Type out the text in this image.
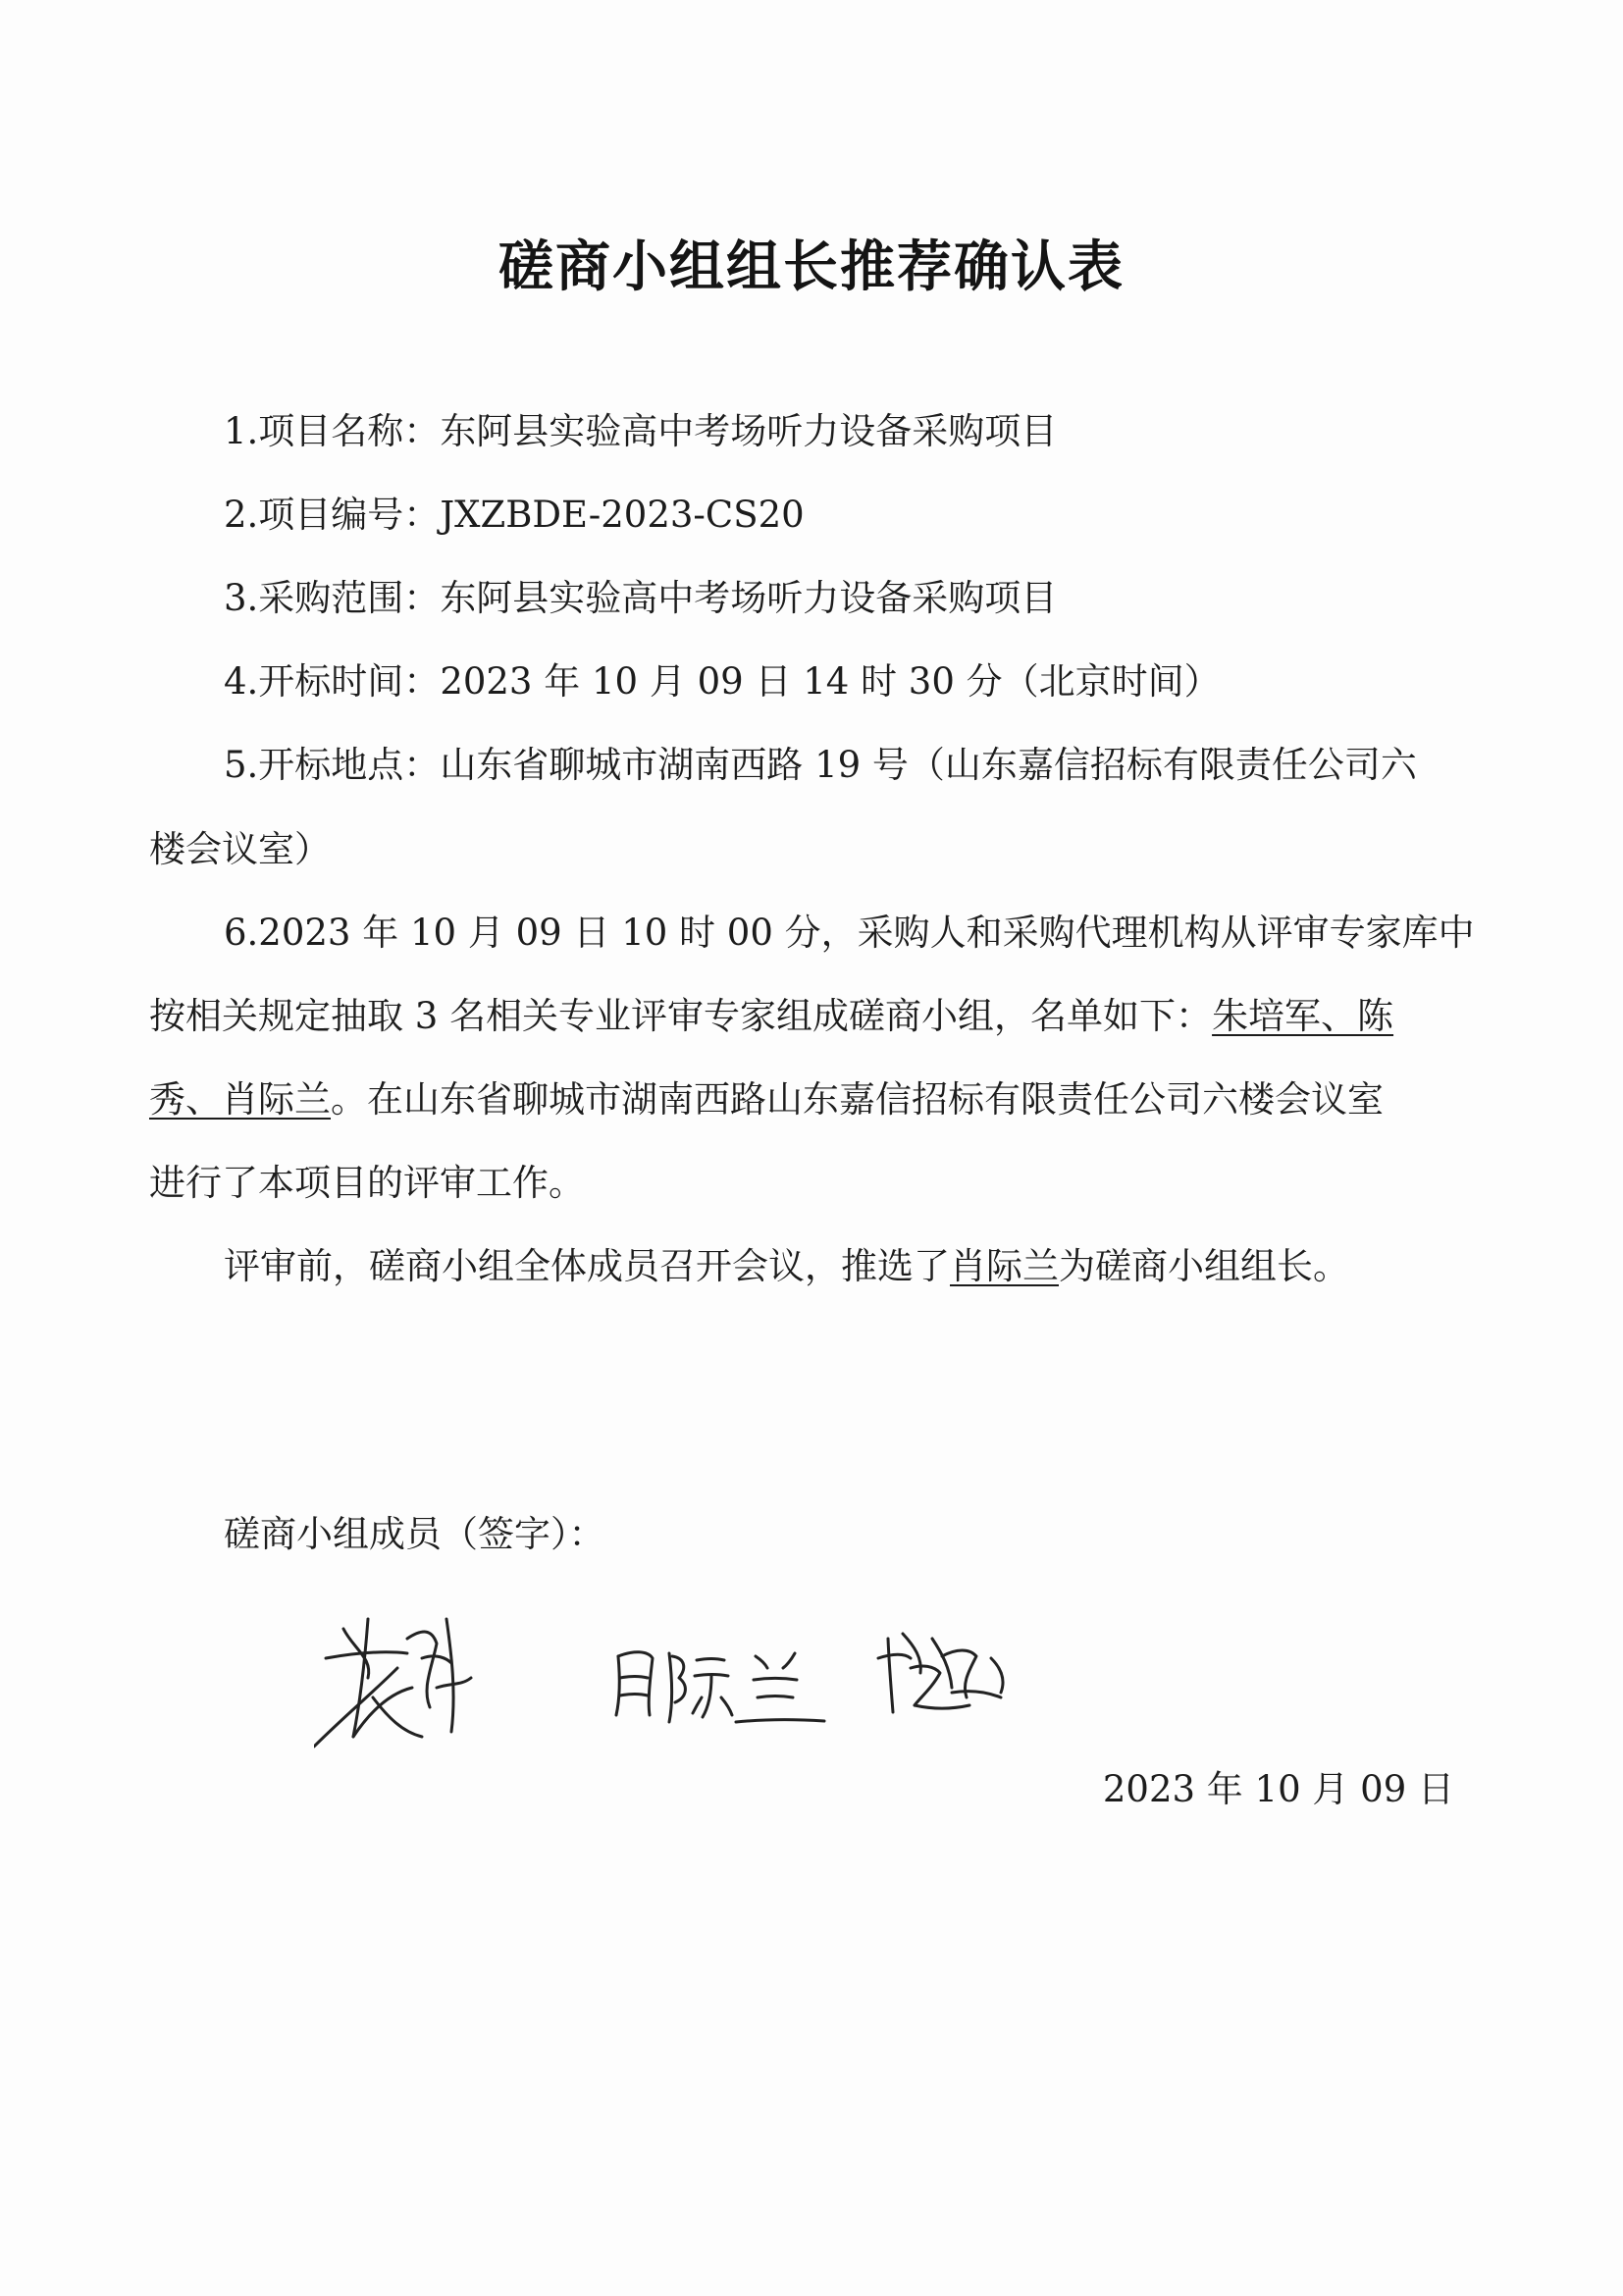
磋商小组组长推荐确认表
1.项目名称：东阿县实验高中考场听力设备采购项目
2.项目编号：JXZBDE-2023-CS20
3.采购范围：东阿县实验高中考场听力设备采购项目
4.开标时间：2023 年 10 月 09 日 14 时 30 分（北京时间）
5.开标地点：山东省聊城市湖南西路 19 号（山东嘉信招标有限责任公司六
楼会议室）
6.2023 年 10 月 09 日 10 时 00 分，采购人和采购代理机构从评审专家库中
按相关规定抽取 3 名相关专业评审专家组成磋商小组，名单如下：朱培军、陈
秀、肖际兰。在山东省聊城市湖南西路山东嘉信招标有限责任公司六楼会议室
进行了本项目的评审工作。
评审前，磋商小组全体成员召开会议，推选了肖际兰为磋商小组组长。
磋商小组成员（签字）：
2023 年 10 月 09 日
